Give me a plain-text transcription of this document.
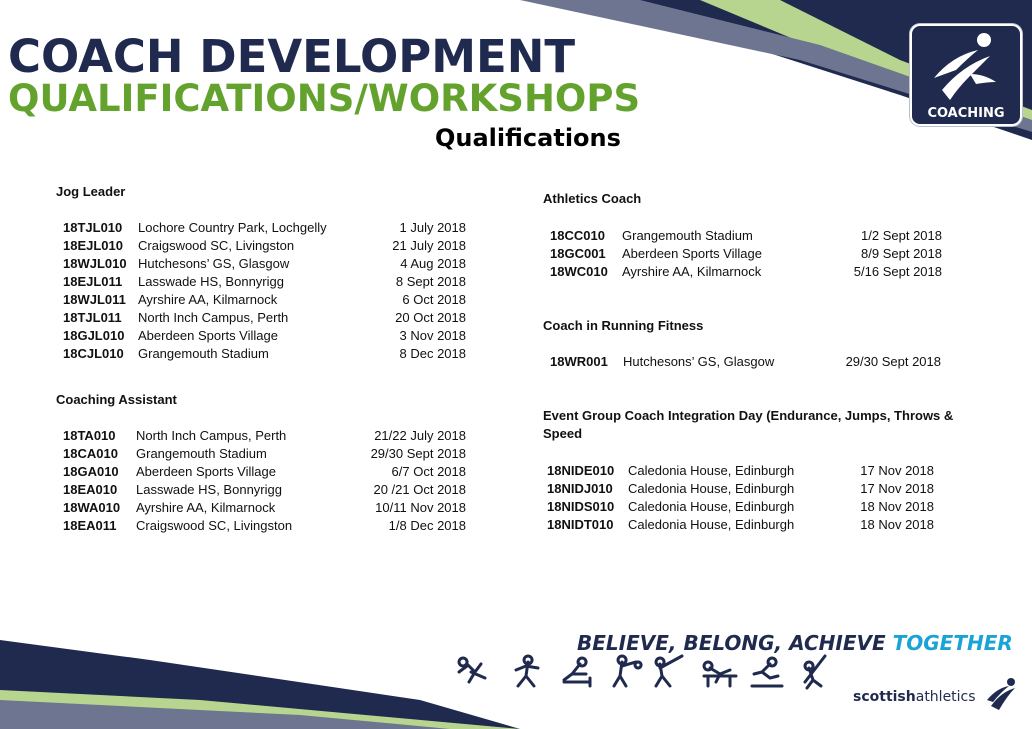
COACH DEVELOPMENT
QUALIFICATIONS/WORKSHOPS
Qualifications
COACHING
Jog Leader
18TJL010 Lochore Country Park, Lochgelly	1 July 2018
18EJL010 Craigswood SC, Livingston	21 July 2018
18WJL010 Hutchesons’ GS, Glasgow	4 Aug 2018
18EJL011 Lasswade HS, Bonnyrigg	8 Sept 2018
18WJL011 Ayrshire AA, Kilmarnock	6 Oct 2018
18TJL011 North Inch Campus, Perth	20 Oct 2018
18GJL010 Aberdeen Sports Village	3 Nov 2018
18CJL010 Grangemouth Stadium	8 Dec 2018
Coaching Assistant
18TA010 North Inch Campus, Perth	21/22 July 2018
18CA010 Grangemouth Stadium	29/30 Sept 2018
18GA010 Aberdeen Sports Village	6/7 Oct 2018
18EA010 Lasswade HS, Bonnyrigg	20 /21 Oct 2018
18WA010 Ayrshire AA, Kilmarnock	10/11 Nov 2018
18EA011 Craigswood SC, Livingston	1/8 Dec 2018
Athletics Coach
18CC010 Grangemouth Stadium	1/2 Sept 2018
18GC001 Aberdeen Sports Village	8/9 Sept 2018
18WC010 Ayrshire AA, Kilmarnock	5/16 Sept 2018
Coach in Running Fitness
18WR001 Hutchesons’ GS, Glasgow	29/30 Sept 2018
Event Group Coach Integration Day (Endurance, Jumps, Throws &
Speed
18NIDE010 Caledonia House, Edinburgh	17 Nov 2018
18NIDJ010 Caledonia House, Edinburgh	17 Nov 2018
18NIDS010 Caledonia House, Edinburgh	18 Nov 2018
18NIDT010 Caledonia House, Edinburgh	18 Nov 2018
BELIEVE, BELONG, ACHIEVE TOGETHER
scottishathletics
